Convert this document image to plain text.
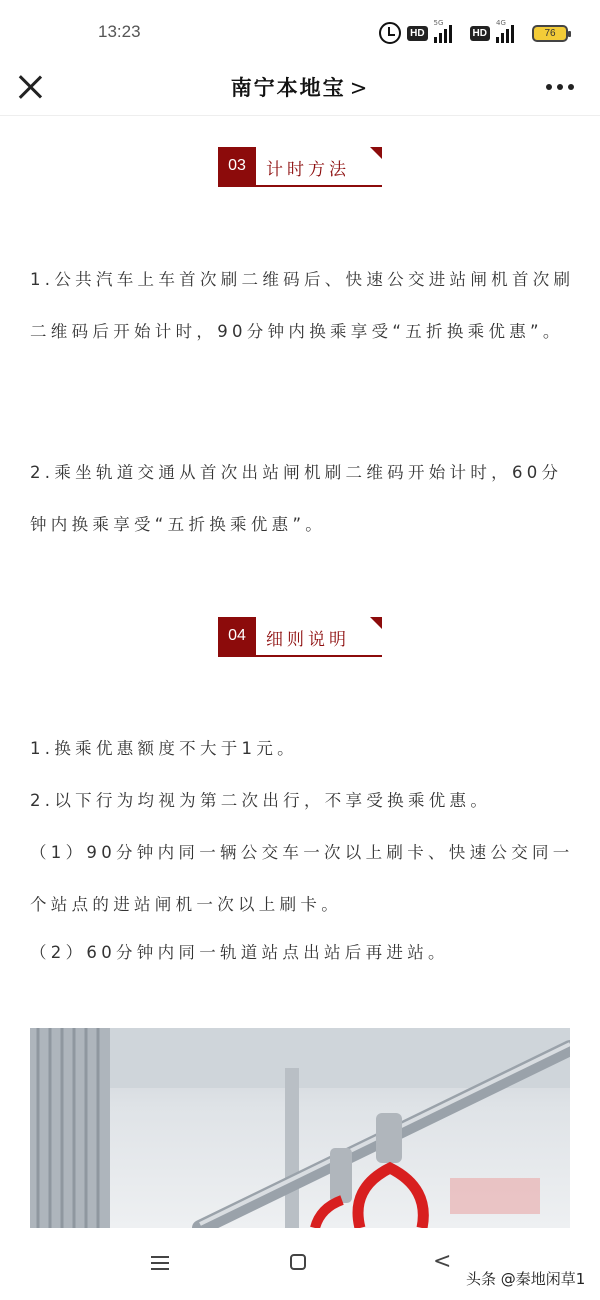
13:23	HD
5G
HD
4G
76
南宁本地宝 >
03	计时方法

1.公共汽车上车首次刷二维码后、快速公交进站闸机首次刷二维码后开始计时，90分钟内换乘享受“五折换乘优惠”。

2.乘坐轨道交通从首次出站闸机刷二维码开始计时，60分钟内换乘享受“五折换乘优惠”。

04	细则说明

1.换乘优惠额度不大于1元。

2.以下行为均视为第二次出行，不享受换乘优惠。

（1）90分钟内同一辆公交车一次以上刷卡、快速公交同一个站点的进站闸机一次以上刷卡。

（2）60分钟内同一轨道站点出站后再进站。

<
头条 @秦地闲草1
